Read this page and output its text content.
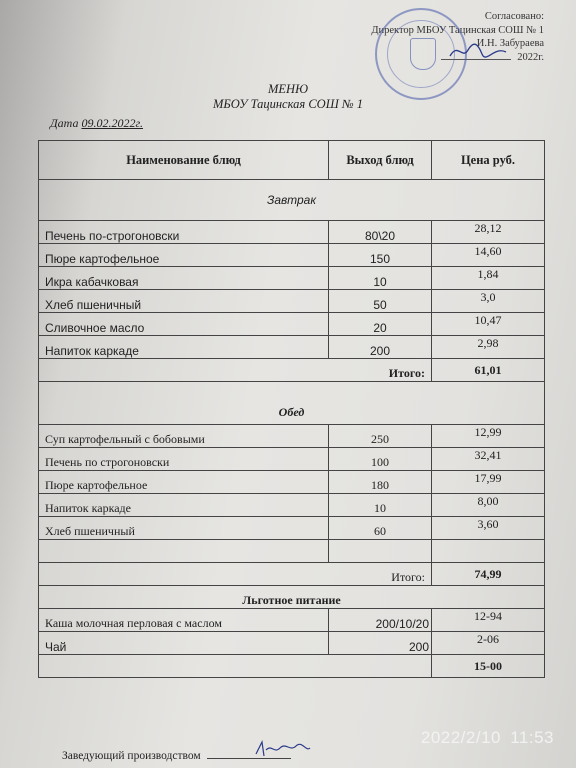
Согласовано:
Директор МБОУ Тацинская СОШ № 1
И.Н. Забураева
2022г.
МЕНЮ
МБОУ Тацинская СОШ № 1
Дата 09.02.2022г.
Наименование блюд	Выход блюд	Цена руб.
Завтрак		
Печень по-строгоновски	80\20	28,12
Пюре картофельное	150	14,60
Икра кабачковая	10	1,84
Хлеб пшеничный	50	3,0
Сливочное масло	20	10,47
Напиток каркаде	200	2,98
Итого:		61,01
Обед		
Суп картофельный с бобовыми	250	12,99
Печень по строгоновски	100	32,41
Пюре картофельное	180	17,99
Напиток каркаде	10	8,00
Хлеб пшеничный	60	3,60

Итого:		74,99
Льготное питание		
Каша молочная перловая с маслом	200/10/20	12-94
Чай	200	2-06
		15-00
Заведующий производством
2022/2/10 11:53
